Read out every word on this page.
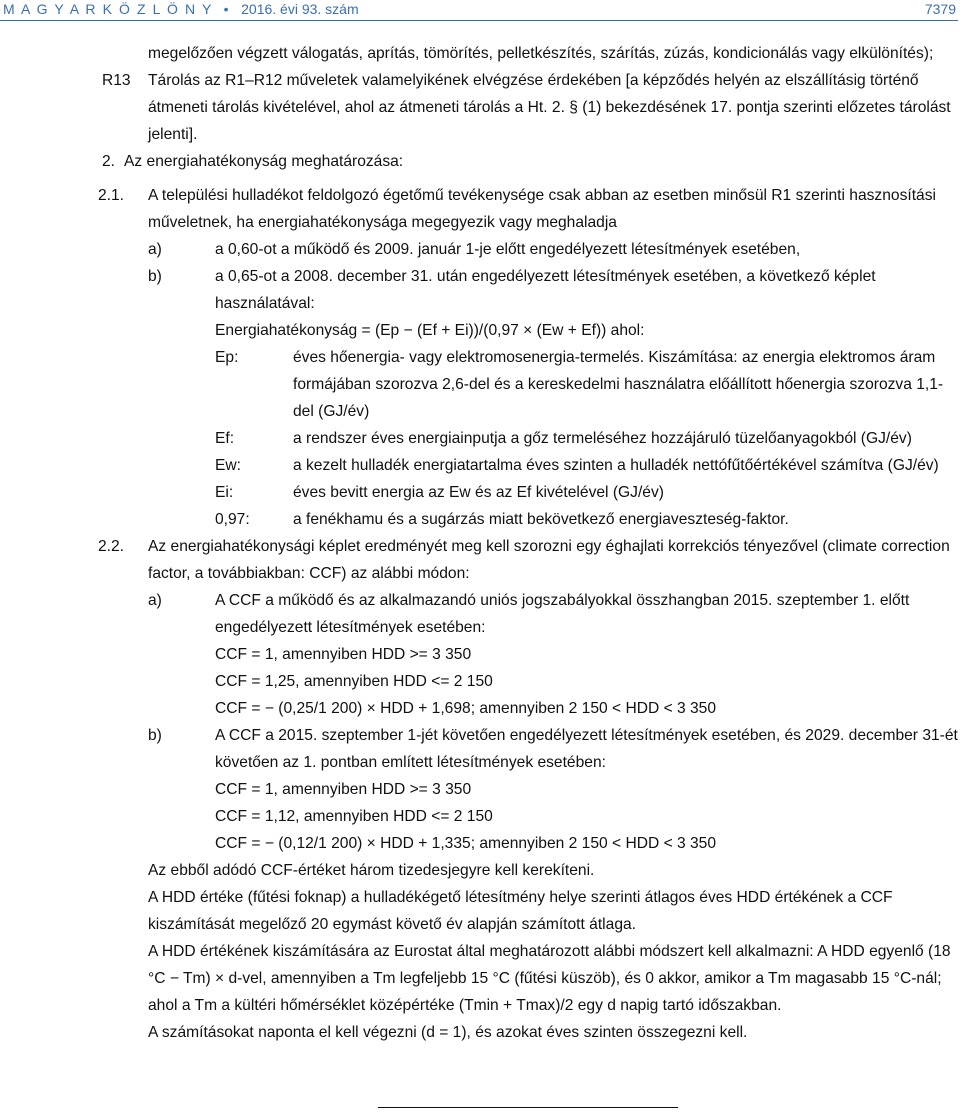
M A G Y A R K Ö Z L Ö N Y • 2016. évi 93. szám	7379
megelőzően végzett válogatás, aprítás, tömörítés, pelletkészítés, szárítás, zúzás, kondicionálás vagy elkülönítés);
R13 Tárolás az R1–R12 műveletek valamelyikének elvégzése érdekében [a képződés helyén az elszállításig történő átmeneti tárolás kivételével, ahol az átmeneti tárolás a Ht. 2. § (1) bekezdésének 17. pontja szerinti előzetes tárolást jelenti].
2. Az energiahatékonyság meghatározása:
2.1. A települési hulladékot feldolgozó égetőmű tevékenysége csak abban az esetben minősül R1 szerinti hasznosítási műveletnek, ha energiahatékonysága megegyezik vagy meghaladja
a)	a 0,60-ot a működő és 2009. január 1-je előtt engedélyezett létesítmények esetében,
b)	a 0,65-ot a 2008. december 31. után engedélyezett létesítmények esetében, a következő képlet használatával:
Energiahatékonyság = (Ep − (Ef + Ei))/(0,97 × (Ew + Ef)) ahol:
Ep:	éves hőenergia- vagy elektromosenergia-termelés. Kiszámítása: az energia elektromos áram formájában szorozva 2,6-del és a kereskedelmi használatra előállított hőenergia szorozva 1,1-del (GJ/év)
Ef:	a rendszer éves energiainputja a gőz termeléséhez hozzájáruló tüzelőanyagokból (GJ/év)
Ew:	a kezelt hulladék energiatartalma éves szinten a hulladék nettófűtőértékével számítva (GJ/év)
Ei:	éves bevitt energia az Ew és az Ef kivételével (GJ/év)
0,97:	a fenékhamu és a sugárzás miatt bekövetkező energiaveszteség-faktor.
2.2. Az energiahatékonysági képlet eredményét meg kell szorozni egy éghajlati korrekciós tényezővel (climate correction factor, a továbbiakban: CCF) az alábbi módon:
a)	A CCF a működő és az alkalmazandó uniós jogszabályokkal összhangban 2015. szeptember 1. előtt engedélyezett létesítmények esetében:
CCF = 1, amennyiben HDD >= 3 350
CCF = 1,25, amennyiben HDD <= 2 150
CCF = − (0,25/1 200) × HDD + 1,698; amennyiben 2 150 < HDD < 3 350
b)	A CCF a 2015. szeptember 1-jét követően engedélyezett létesítmények esetében, és 2029. december 31-ét követően az 1. pontban említett létesítmények esetében:
CCF = 1, amennyiben HDD >= 3 350
CCF = 1,12, amennyiben HDD <= 2 150
CCF = − (0,12/1 200) × HDD + 1,335; amennyiben 2 150 < HDD < 3 350
Az ebből adódó CCF-értéket három tizedesjegyre kell kerekíteni.
A HDD értéke (fűtési foknap) a hulladékégető létesítmény helye szerinti átlagos éves HDD értékének a CCF kiszámítását megelőző 20 egymást követő év alapján számított átlaga.
A HDD értékének kiszámítására az Eurostat által meghatározott alábbi módszert kell alkalmazni: A HDD egyenlő (18 °C − Tm) × d-vel, amennyiben a Tm legfeljebb 15 °C (fűtési küszöb), és 0 akkor, amikor a Tm magasabb 15 °C-nál; ahol a Tm a kültéri hőmérséklet középértéke (Tmin + Tmax)/2 egy d napig tartó időszakban.
A számításokat naponta el kell végezni (d = 1), és azokat éves szinten összegezni kell.
